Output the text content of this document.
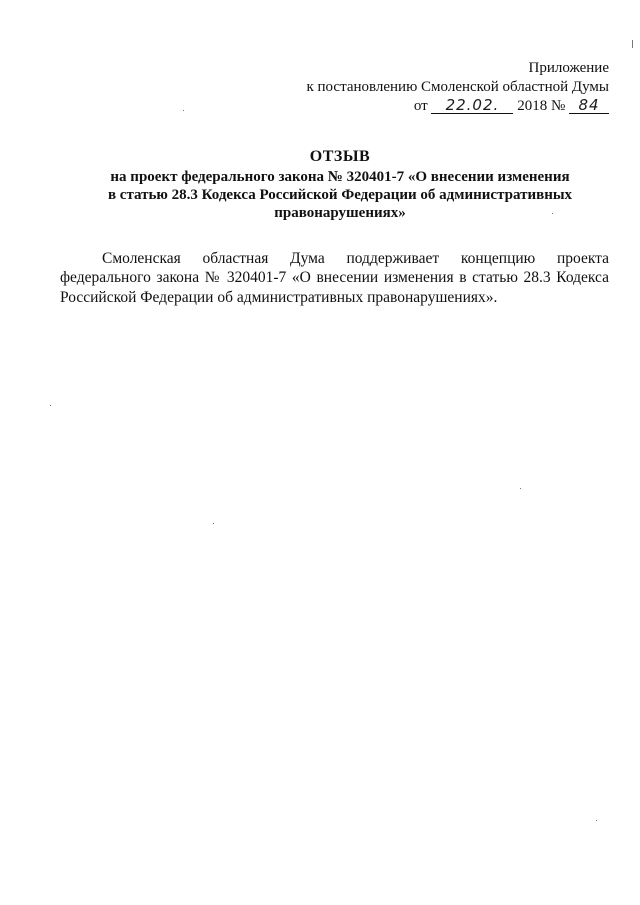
Приложение
к постановлению Смоленской областной Думы
от 22.02. 2018 № 84
ОТЗЫВ
на проект федерального закона № 320401-7 «О внесении изменения
в статью 28.3 Кодекса Российской Федерации об административных
правонарушениях»

Смоленская областная Дума поддерживает концепцию проекта федерального закона № 320401-7 «О внесении изменения в статью 28.3 Кодекса Российской Федерации об административных правонарушениях».
